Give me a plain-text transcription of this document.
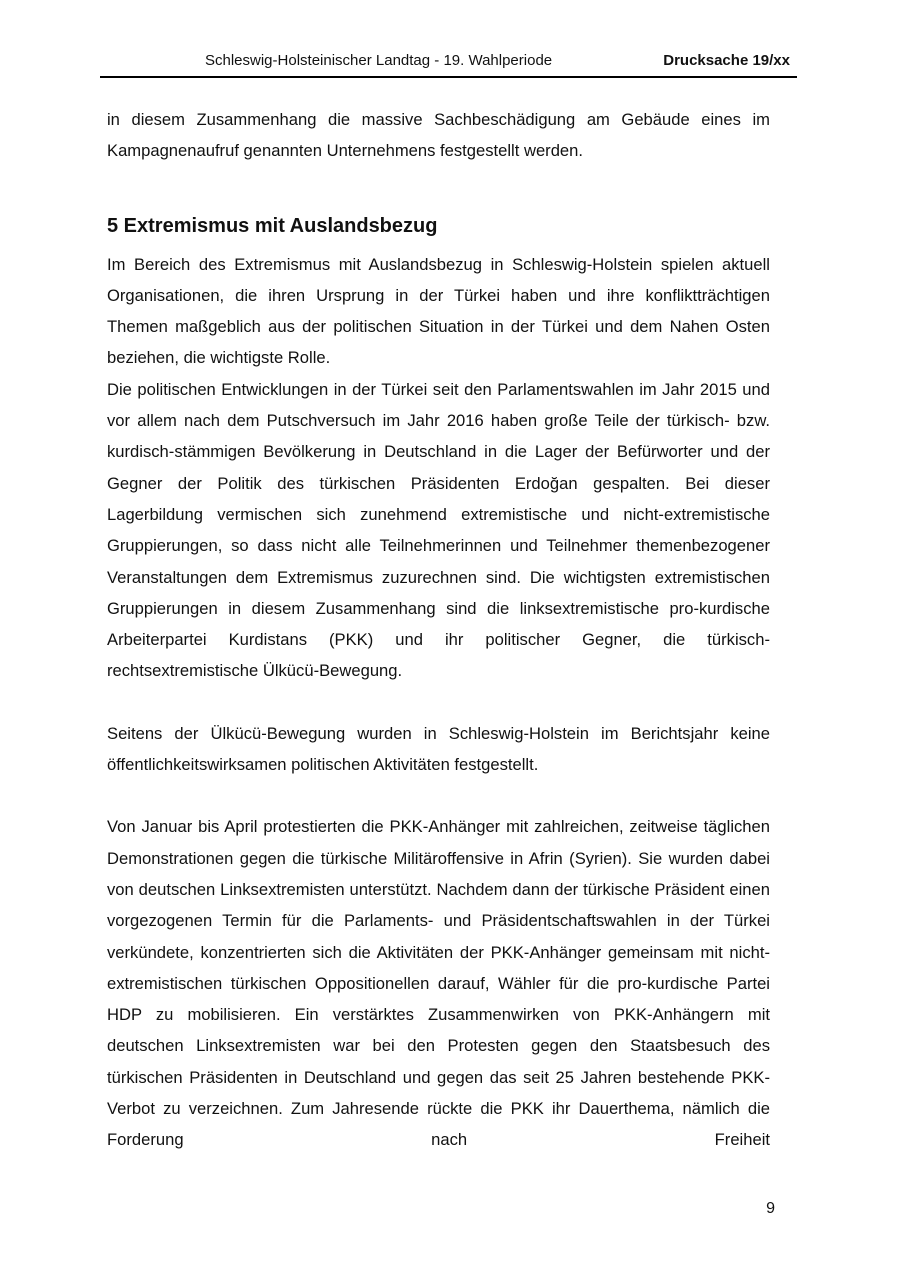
Schleswig-Holsteinischer Landtag - 19. Wahlperiode	Drucksache 19/xx

in diesem Zusammenhang die massive Sachbeschädigung am Gebäude eines im Kampagnenaufruf genannten Unternehmens festgestellt werden.

5 Extremismus mit Auslandsbezug

Im Bereich des Extremismus mit Auslandsbezug in Schleswig-Holstein spielen aktuell Organisationen, die ihren Ursprung in der Türkei haben und ihre konfliktträchtigen Themen maßgeblich aus der politischen Situation in der Türkei und dem Nahen Osten beziehen, die wichtigste Rolle.

Die politischen Entwicklungen in der Türkei seit den Parlamentswahlen im Jahr 2015 und vor allem nach dem Putschversuch im Jahr 2016 haben große Teile der türkisch- bzw. kurdisch-stämmigen Bevölkerung in Deutschland in die Lager der Befürworter und der Gegner der Politik des türkischen Präsidenten Erdoğan gespalten. Bei dieser Lagerbildung vermischen sich zunehmend extremistische und nicht-extremistische Gruppierungen, so dass nicht alle Teilnehmerinnen und Teilnehmer themenbezogener Veranstaltungen dem Extremismus zuzurechnen sind. Die wichtigsten extremistischen Gruppierungen in diesem Zusammenhang sind die linksextremistische pro-kurdische Arbeiterpartei Kurdistans (PKK) und ihr politischer Gegner, die türkisch-rechtsextremistische Ülkücü-Bewegung.

Seitens der Ülkücü-Bewegung wurden in Schleswig-Holstein im Berichtsjahr keine öffentlichkeitswirksamen politischen Aktivitäten festgestellt.

Von Januar bis April protestierten die PKK-Anhänger mit zahlreichen, zeitweise täglichen Demonstrationen gegen die türkische Militäroffensive in Afrin (Syrien). Sie wurden dabei von deutschen Linksextremisten unterstützt. Nachdem dann der türkische Präsident einen vorgezogenen Termin für die Parlaments- und Präsidentschaftswahlen in der Türkei verkündete, konzentrierten sich die Aktivitäten der PKK-Anhänger gemeinsam mit nicht-extremistischen türkischen Oppositionellen darauf, Wähler für die pro-kurdische Partei HDP zu mobilisieren. Ein verstärktes Zusammenwirken von PKK-Anhängern mit deutschen Linksextremisten war bei den Protesten gegen den Staatsbesuch des türkischen Präsidenten in Deutschland und gegen das seit 25 Jahren bestehende PKK-Verbot zu verzeichnen. Zum Jahresende rückte die PKK ihr Dauerthema, nämlich die Forderung nach Freiheit

9
